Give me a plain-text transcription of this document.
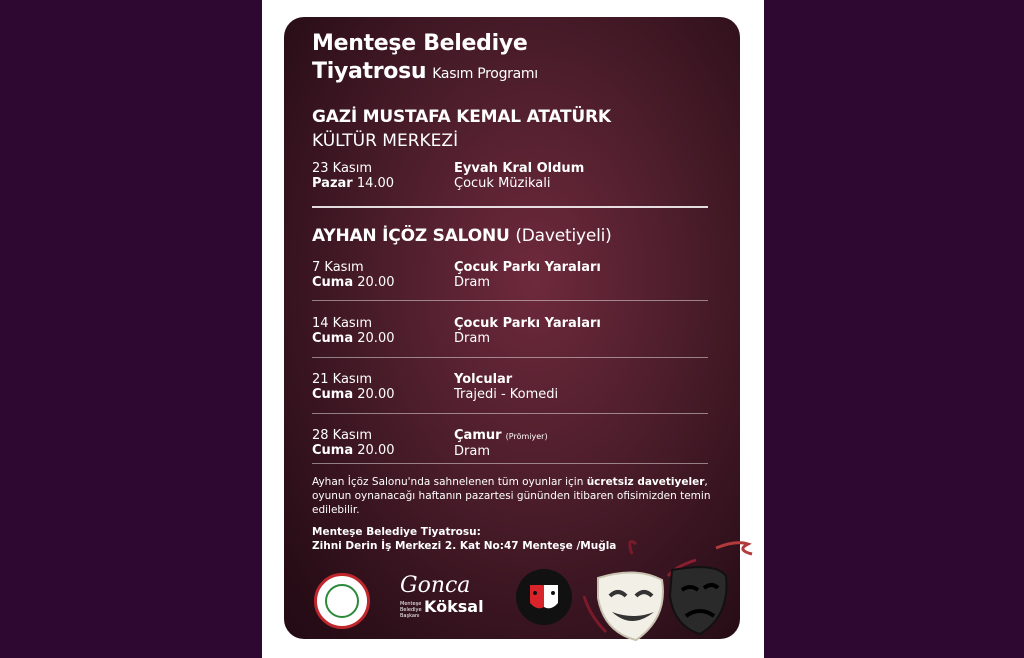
Menteşe Belediye
Tiyatrosu Kasım Programı
GAZİ MUSTAFA KEMAL ATATÜRK
KÜLTÜR MERKEZİ
23 Kasım
Pazar 14.00
Eyvah Kral Oldum
Çocuk Müzikali
AYHAN İÇÖZ SALONU (Davetiyeli)
7 Kasım
Cuma 20.00
Çocuk Parkı Yaraları
Dram
14 Kasım
Cuma 20.00
Çocuk Parkı Yaraları
Dram
21 Kasım
Cuma 20.00
Yolcular
Trajedi - Komedi
28 Kasım
Cuma 20.00
Çamur (Prömiyer)
Dram
Ayhan İçöz Salonu'nda sahnelenen tüm oyunlar için ücretsiz davetiyeler, oyunun oynanacağı haftanın pazartesi gününden itibaren ofisimizden temin edilebilir.
Menteşe Belediye Tiyatrosu:
Zihni Derin İş Merkezi 2. Kat No:47 Menteşe /Muğla
Gonca
Menteşe Belediye Başkanı Köksal
